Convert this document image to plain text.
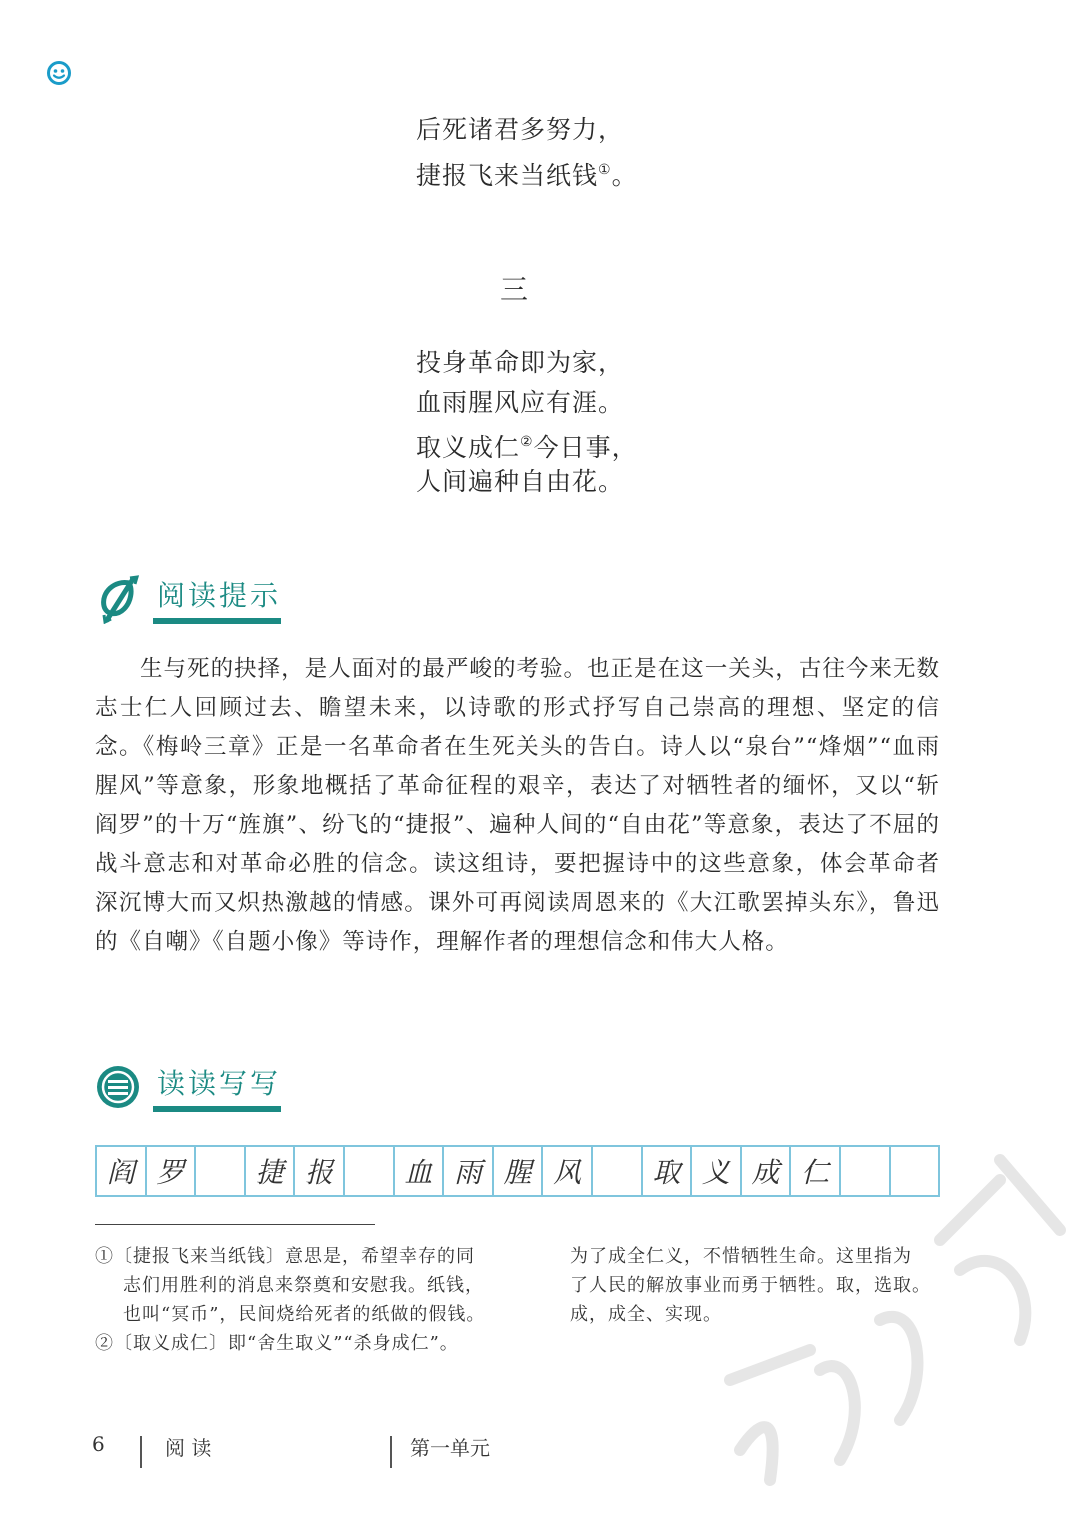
后死诸君多努力，
捷报飞来当纸钱①。
三
投身革命即为家，
血雨腥风应有涯。
取义成仁②今日事，
人间遍种自由花。
阅读提示

生与死的抉择，是人面对的最严峻的考验。也正是在这一关头，古往今来无数志士仁人回顾过去、瞻望未来，以诗歌的形式抒写自己崇高的理想、坚定的信念。《梅岭三章》正是一名革命者在生死关头的告白。诗人以“泉台”“烽烟”“血雨腥风”等意象，形象地概括了革命征程的艰辛，表达了对牺牲者的缅怀，又以“斩阎罗”的十万“旌旗”、纷飞的“捷报”、遍种人间的“自由花”等意象，表达了不屈的战斗意志和对革命必胜的信念。读这组诗，要把握诗中的这些意象，体会革命者深沉博大而又炽热激越的情感。课外可再阅读周恩来的《大江歌罢掉头东》，鲁迅的《自嘲》《自题小像》等诗作，理解作者的理想信念和伟大人格。

读读写写
阎 罗	捷 报	血 雨 腥 风	取 义 成 仁

①〔捷报飞来当纸钱〕意思是，希望幸存的同

志们用胜利的消息来祭奠和安慰我。纸钱，

也叫“冥币”，民间烧给死者的纸做的假钱。

②〔取义成仁〕即“舍生取义”“杀身成仁”。

为了成全仁义，不惜牺牲生命。这里指为

了人民的解放事业而勇于牺牲。取，选取。

成，成全、实现。

6	阅 读	第一单元
